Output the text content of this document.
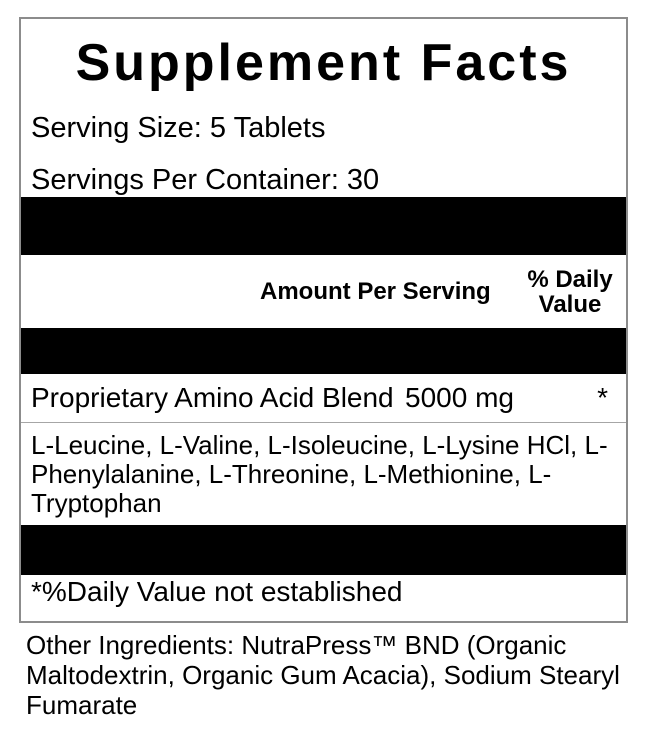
Supplement Facts
Serving Size: 5 Tablets
Servings Per Container: 30
Amount Per Serving % Daily Value
Proprietary Amino Acid Blend 5000 mg	*
L-Leucine, L-Valine, L-Isoleucine, L-Lysine HCl, L-Phenylalanine, L-Threonine, L-Methionine, L-Tryptophan
*%Daily Value not established
Other Ingredients: NutraPress™ BND (Organic Maltodextrin, Organic Gum Acacia), Sodium Stearyl Fumarate
